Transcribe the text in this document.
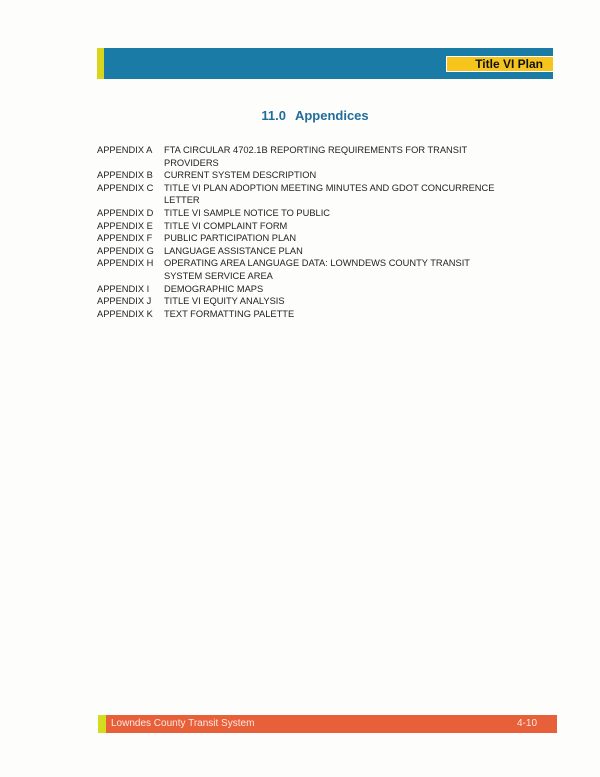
Title VI Plan
11.0 Appendices
APPENDIX A	FTA CIRCULAR 4702.1B REPORTING REQUIREMENTS FOR TRANSIT PROVIDERS
APPENDIX B	CURRENT SYSTEM DESCRIPTION
APPENDIX C	TITLE VI PLAN ADOPTION MEETING MINUTES AND GDOT CONCURRENCE LETTER
APPENDIX D	TITLE VI SAMPLE NOTICE TO PUBLIC
APPENDIX E	TITLE VI COMPLAINT FORM
APPENDIX F	PUBLIC PARTICIPATION PLAN
APPENDIX G	LANGUAGE ASSISTANCE PLAN
APPENDIX H	OPERATING AREA LANGUAGE DATA: LOWNDEWS COUNTY TRANSIT SYSTEM SERVICE AREA
APPENDIX I	DEMOGRAPHIC MAPS
APPENDIX J	TITLE VI EQUITY ANALYSIS
APPENDIX K	TEXT FORMATTING PALETTE
Lowndes County Transit System	4-10
